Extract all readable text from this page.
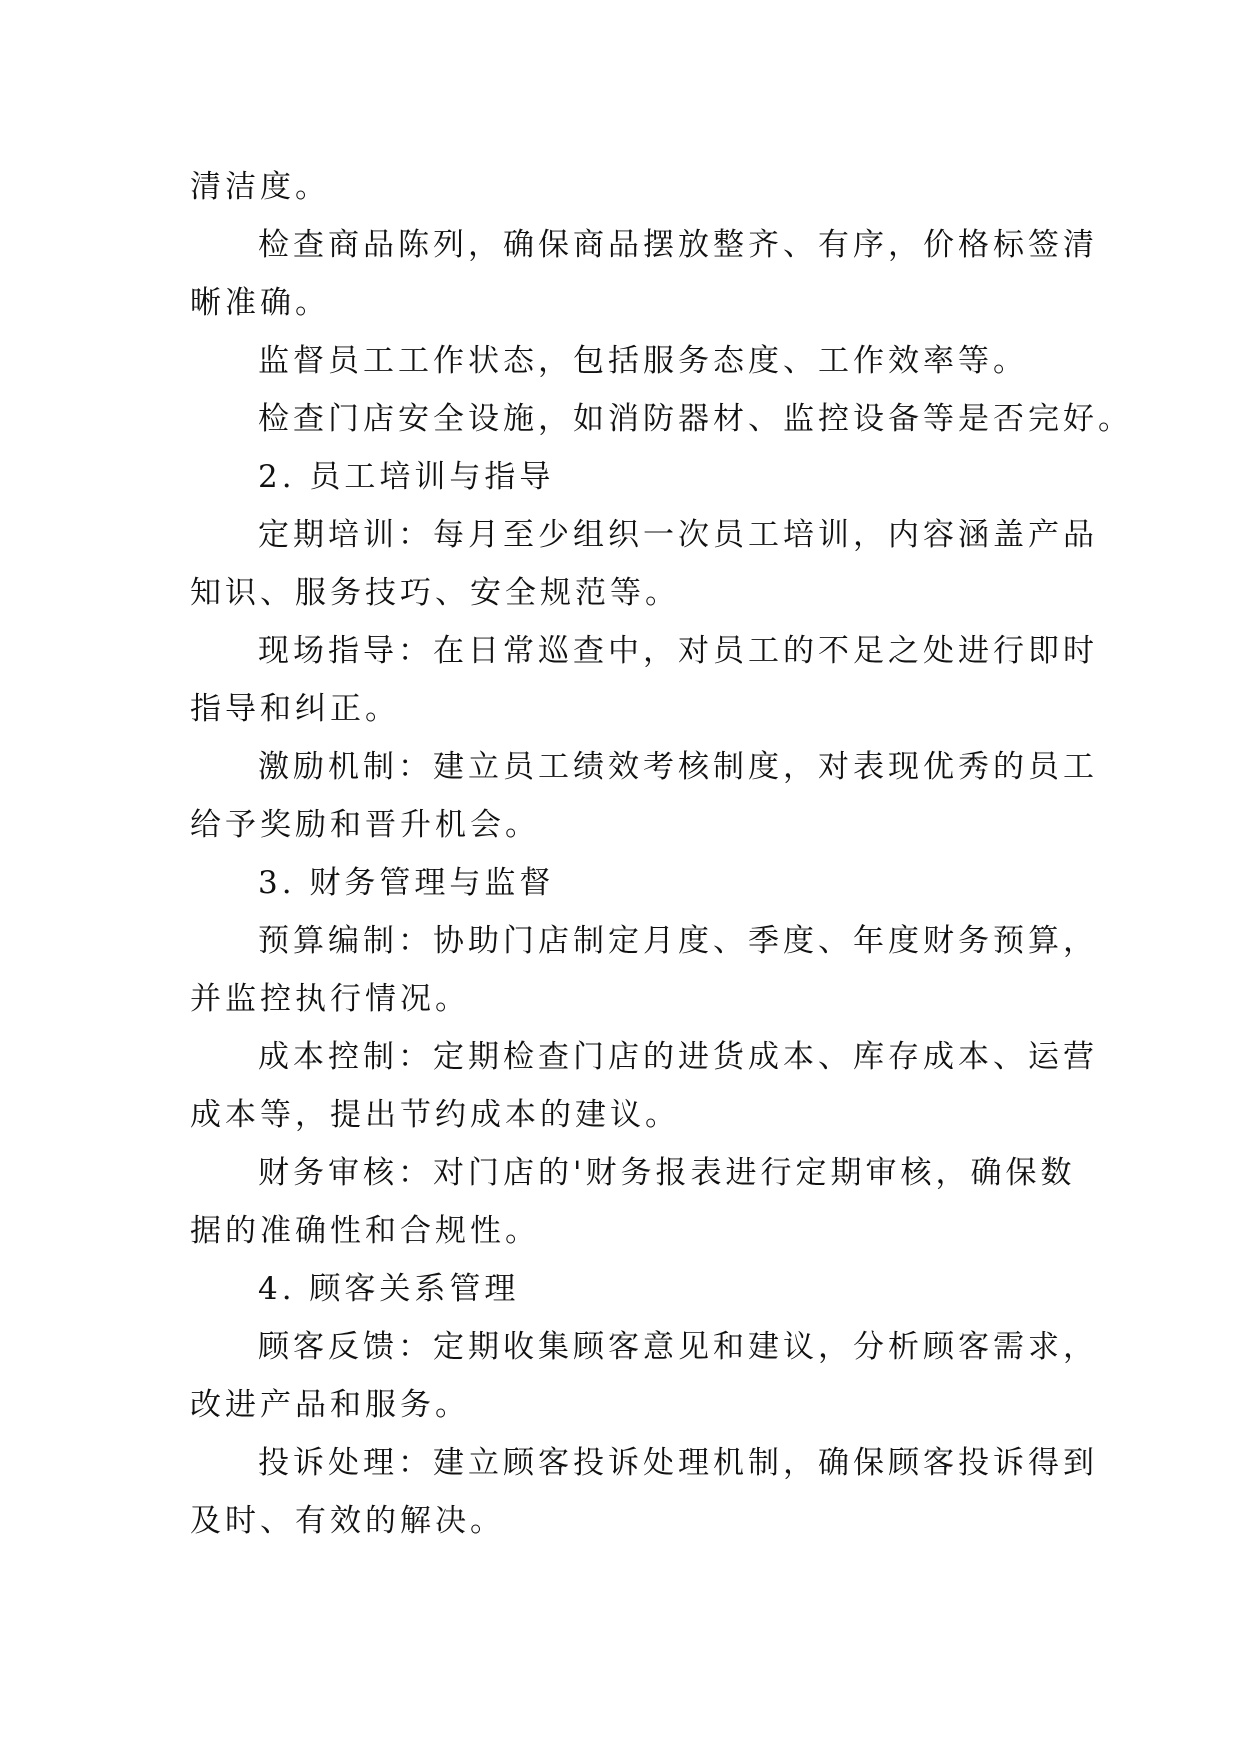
清洁度。
检查商品陈列，确保商品摆放整齐、有序，价格标签清
晰准确。
监督员工工作状态，包括服务态度、工作效率等。
检查门店安全设施，如消防器材、监控设备等是否完好。
2. 员工培训与指导
定期培训：每月至少组织一次员工培训，内容涵盖产品
知识、服务技巧、安全规范等。
现场指导：在日常巡查中，对员工的不足之处进行即时
指导和纠正。
激励机制：建立员工绩效考核制度，对表现优秀的员工
给予奖励和晋升机会。
3. 财务管理与监督
预算编制：协助门店制定月度、季度、年度财务预算，
并监控执行情况。
成本控制：定期检查门店的进货成本、库存成本、运营
成本等，提出节约成本的建议。
财务审核：对门店的'财务报表进行定期审核，确保数
据的准确性和合规性。
4. 顾客关系管理
顾客反馈：定期收集顾客意见和建议，分析顾客需求，
改进产品和服务。
投诉处理：建立顾客投诉处理机制，确保顾客投诉得到
及时、有效的解决。
